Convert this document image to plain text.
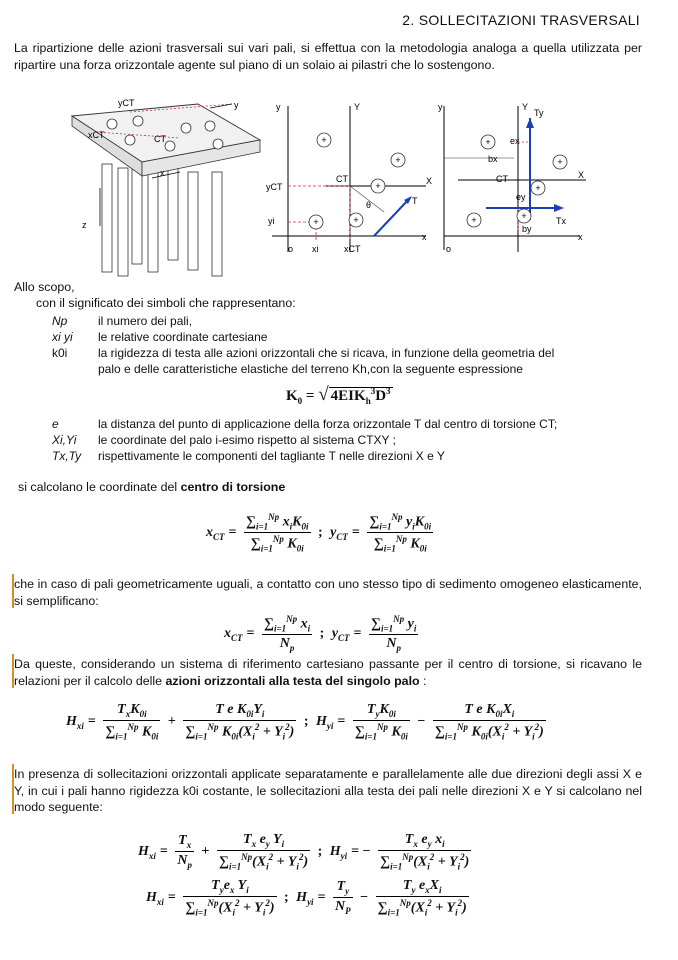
2. SOLLECITAZIONI TRASVERSALI
La ripartizione delle azioni trasversali sui vari pali, si effettua con la metodologia analoga a quella utilizzata per ripartire una forza orizzontale agente sul piano di un solaio ai pilastri che lo sostengono.
yCT	y
xCT	CT
x
z
+
+
+
+	+
y	Y
X
x
yCT
yi
CT
θ	T
o xi	xCT
+
+
+
+	+
y	Y
Ty
ex
bx
CT	X
ey
Tx
by
x
o
Allo scopo,
con il significato dei simboli che rappresentano:
Np	il numero dei pali,
xi yi le relative coordinate cartesiane
k0i	la rigidezza di testa alle azioni orizzontali che si ricava, in funzione della geometria del
palo e delle caratteristiche elastiche del terreno Kh,con la seguente espressione
$K_0$ = √ $4EIK_h^3D^3$
e	la distanza del punto di applicazione della forza orizzontale T dal centro di torsione CT;
Xi,Yi le coordinate del palo i-esimo rispetto al sistema CTXY ;
Tx,Ty rispettivamente le componenti del tagliante T nelle direzioni X e Y
si calcolano le coordinate del centro di torsione
$x_{CT} = \frac{\sum_{i=1}^{Np} x_iK_{0i}}{\sum_{i=1}^{Np} K_{0i}}$ ; $y_{CT} = \frac{\sum_{i=1}^{Np} y_iK_{0i}}{\sum_{i=1}^{Np} K_{0i}}$
che in caso di pali geometricamente uguali, a contatto con uno stesso tipo di sedimento omogeneo elasticamente, si semplificano:
$x_{CT} = \frac{\sum_{i=1}^{Np} x_i}{N_p}$ ; $y_{CT} = \frac{\sum_{i=1}^{Np} y_i}{N_p}$
Da queste, considerando un sistema di riferimento cartesiano passante per il centro di torsione, si ricavano le relazioni per il calcolo delle azioni orizzontali alla testa del singolo palo :
$H_{xi} = \frac{T_xK_{0i}}{\sum_{i=1}^{Np} K_{0i}} + \frac{T e K_{0i}Y_i}{\sum_{i=1}^{Np} K_{0i}(X_i^2 + Y_i^2)}$ ; $H_{yi} = \frac{T_yK_{0i}}{\sum_{i=1}^{Np} K_{0i}} - \frac{T e K_{0i}X_i}{\sum_{i=1}^{Np} K_{0i}(X_i^2 + Y_i^2)}$
In presenza di sollecitazioni orizzontali applicate separatamente e parallelamente alle due direzioni degli assi X e Y, in cui i pali hanno rigidezza k0i costante, le sollecitazioni alla testa dei pali nelle direzioni X e Y si calcolano nel modo seguente:
$H_{xi} = \frac{T_x}{N_p} + \frac{T_x e_y Y_i}{\sum_{i=1}^{Np}(X_i^2 + Y_i^2)}$ ; $H_{yi}$ = − $\frac{T_x e_y x_i}{\sum_{i=1}^{Np}(X_i^2 + Y_i^2)}$
$H_{xi} = \frac{T_ye_x Y_i}{\sum_{i=1}^{Np}(X_i^2 + Y_i^2)}$ ; $H_{yi} = \frac{T_y}{N_P} - \frac{T_y e_xX_i}{\sum_{i=1}^{Np}(X_i^2 + Y_i^2)}$
